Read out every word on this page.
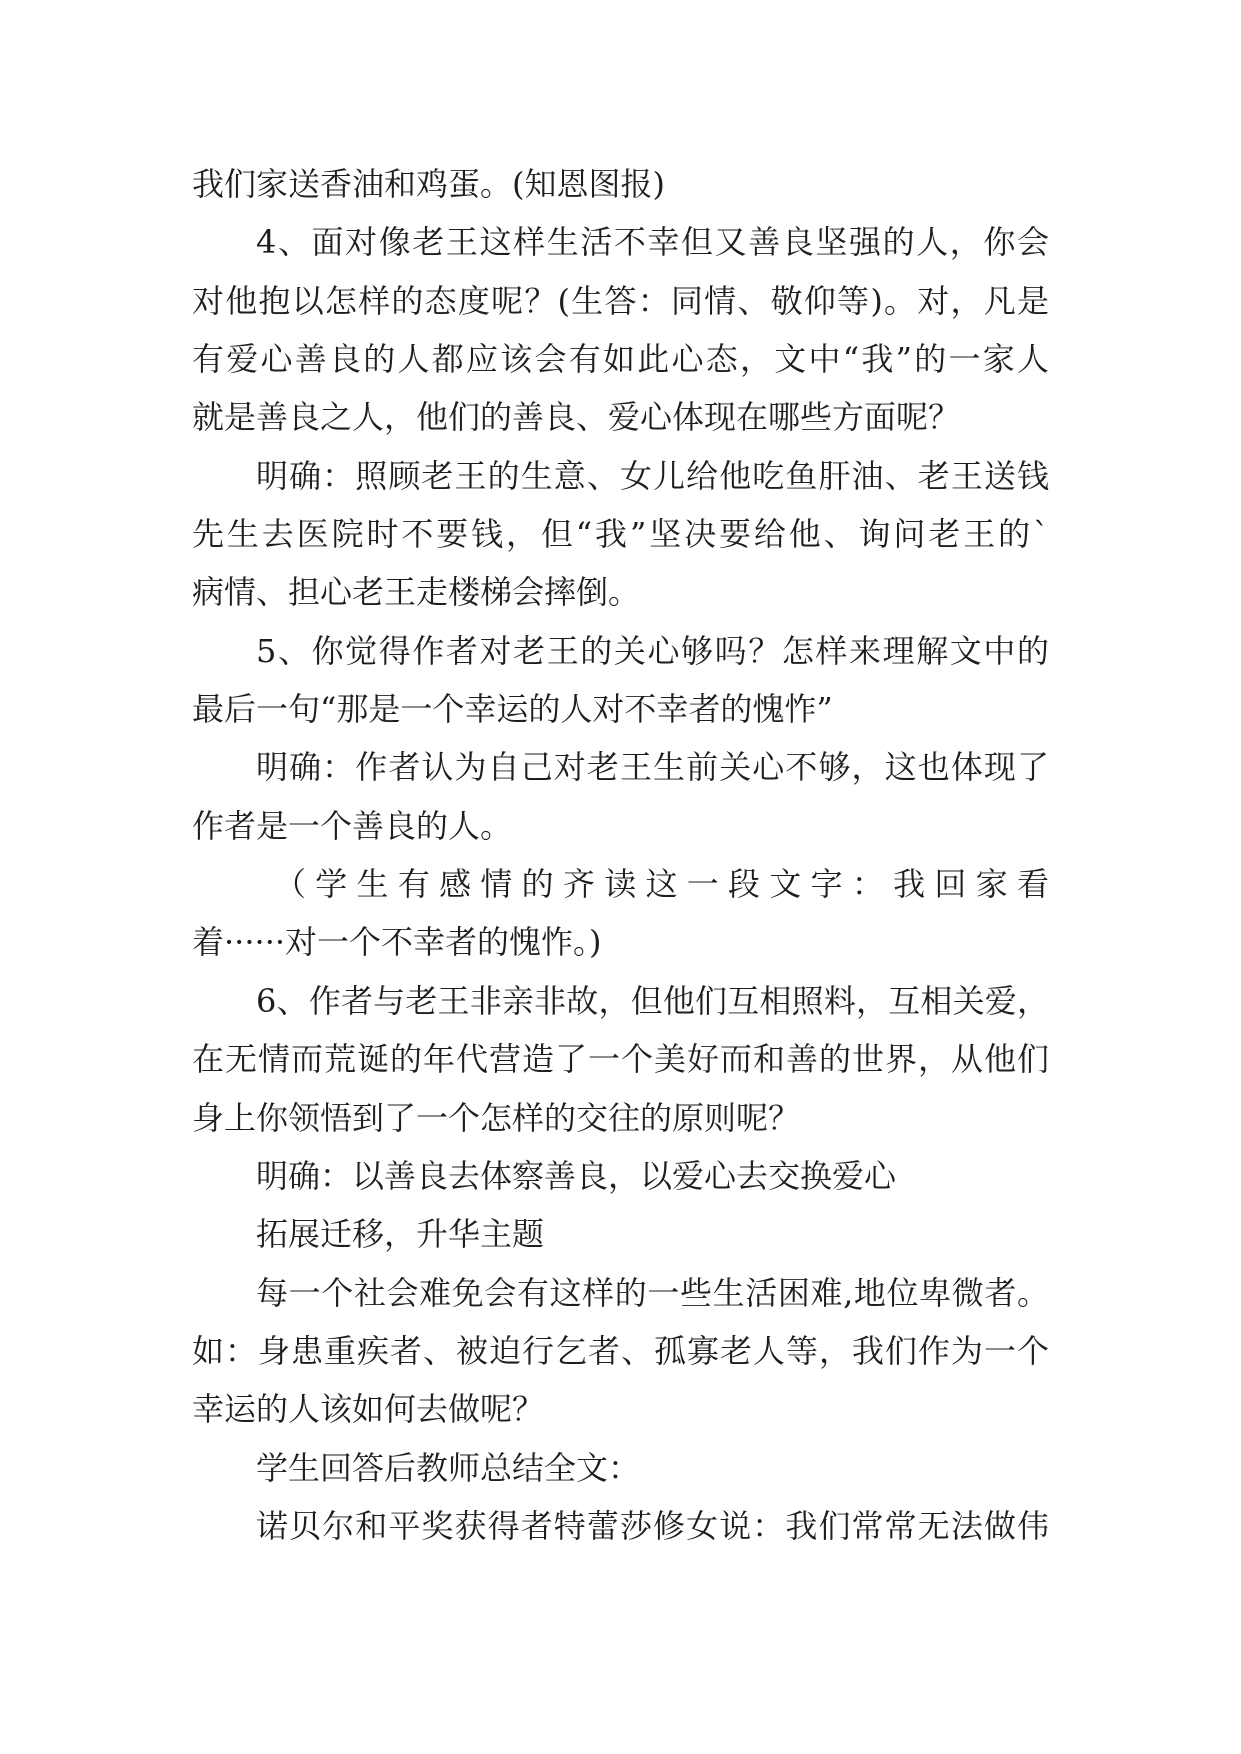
我们家送香油和鸡蛋。(知恩图报)
4、面对像老王这样生活不幸但又善良坚强的人，你会
对他抱以怎样的态度呢？(生答：同情、敬仰等)。对，凡是
有爱心善良的人都应该会有如此心态，文中“我”的一家人
就是善良之人，他们的善良、爱心体现在哪些方面呢？
明确：照顾老王的生意、女儿给他吃鱼肝油、老王送钱
先生去医院时不要钱，但“我”坚决要给他、询问老王的`
病情、担心老王走楼梯会摔倒。
5、你觉得作者对老王的关心够吗？怎样来理解文中的
最后一句“那是一个幸运的人对不幸者的愧怍”
明确：作者认为自己对老王生前关心不够，这也体现了
作者是一个善良的人。
（学生有感情的齐读这一段文字：我回家看
着······对一个不幸者的愧怍。)
6、作者与老王非亲非故，但他们互相照料，互相关爱，
在无情而荒诞的年代营造了一个美好而和善的世界，从他们
身上你领悟到了一个怎样的交往的原则呢？
明确：以善良去体察善良，以爱心去交换爱心
拓展迁移，升华主题
每一个社会难免会有这样的一些生活困难,地位卑微者。
如：身患重疾者、被迫行乞者、孤寡老人等，我们作为一个
幸运的人该如何去做呢？
学生回答后教师总结全文：
诺贝尔和平奖获得者特蕾莎修女说：我们常常无法做伟
